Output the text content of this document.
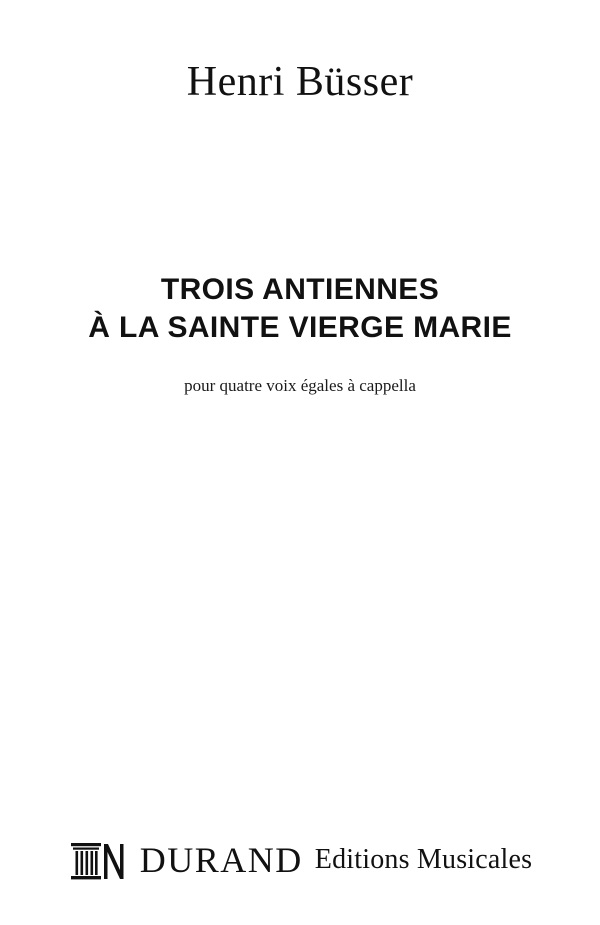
Henri Büsser
TROIS ANTIENNES
À LA SAINTE VIERGE MARIE
pour quatre voix égales à cappella
DURAND Editions Musicales
